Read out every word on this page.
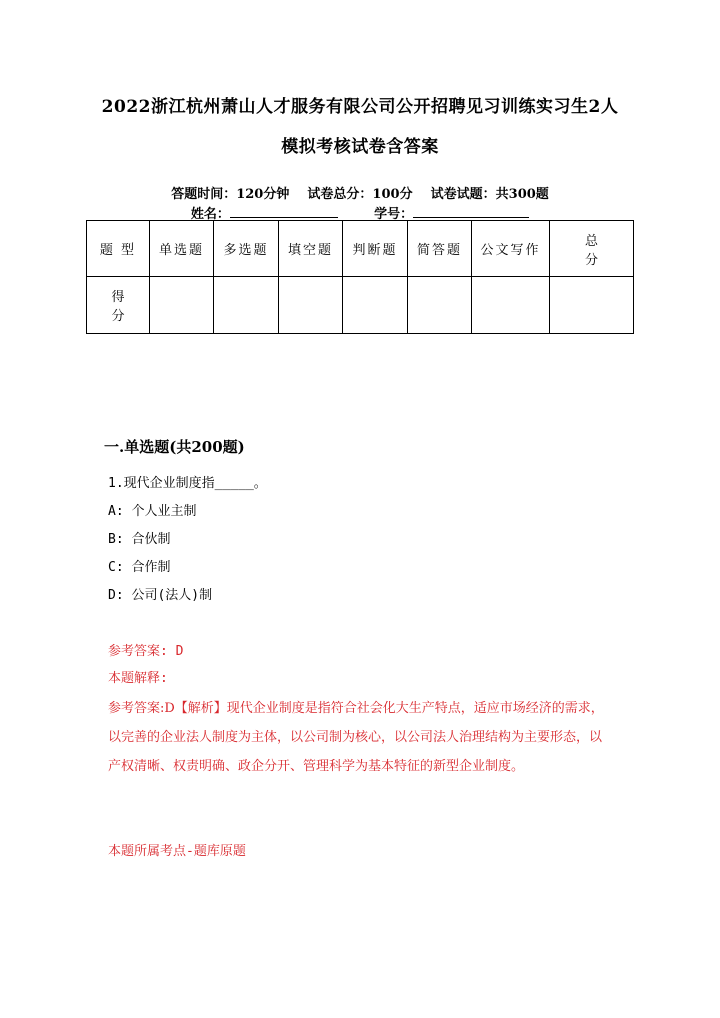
2022浙江杭州萧山人才服务有限公司公开招聘见习训练实习生2人
模拟考核试卷含答案
答题时间：120分钟    试卷总分：100分    试卷试题：共300题
姓名：	学号：
题 型	单选题	多选题	填空题	判断题	简答题	公文写作	总分
得分							
一.单选题(共200题)
1.现代企业制度指_____。
A: 个人业主制
B: 合伙制
C: 合作制
D: 公司(法人)制
参考答案: D
本题解释:
参考答案:D【解析】现代企业制度是指符合社会化大生产特点，适应市场经济的需求，以完善的企业法人制度为主体，以公司制为核心，以公司法人治理结构为主要形态，以产权清晰、权责明确、政企分开、管理科学为基本特征的新型企业制度。
本题所属考点-题库原题
